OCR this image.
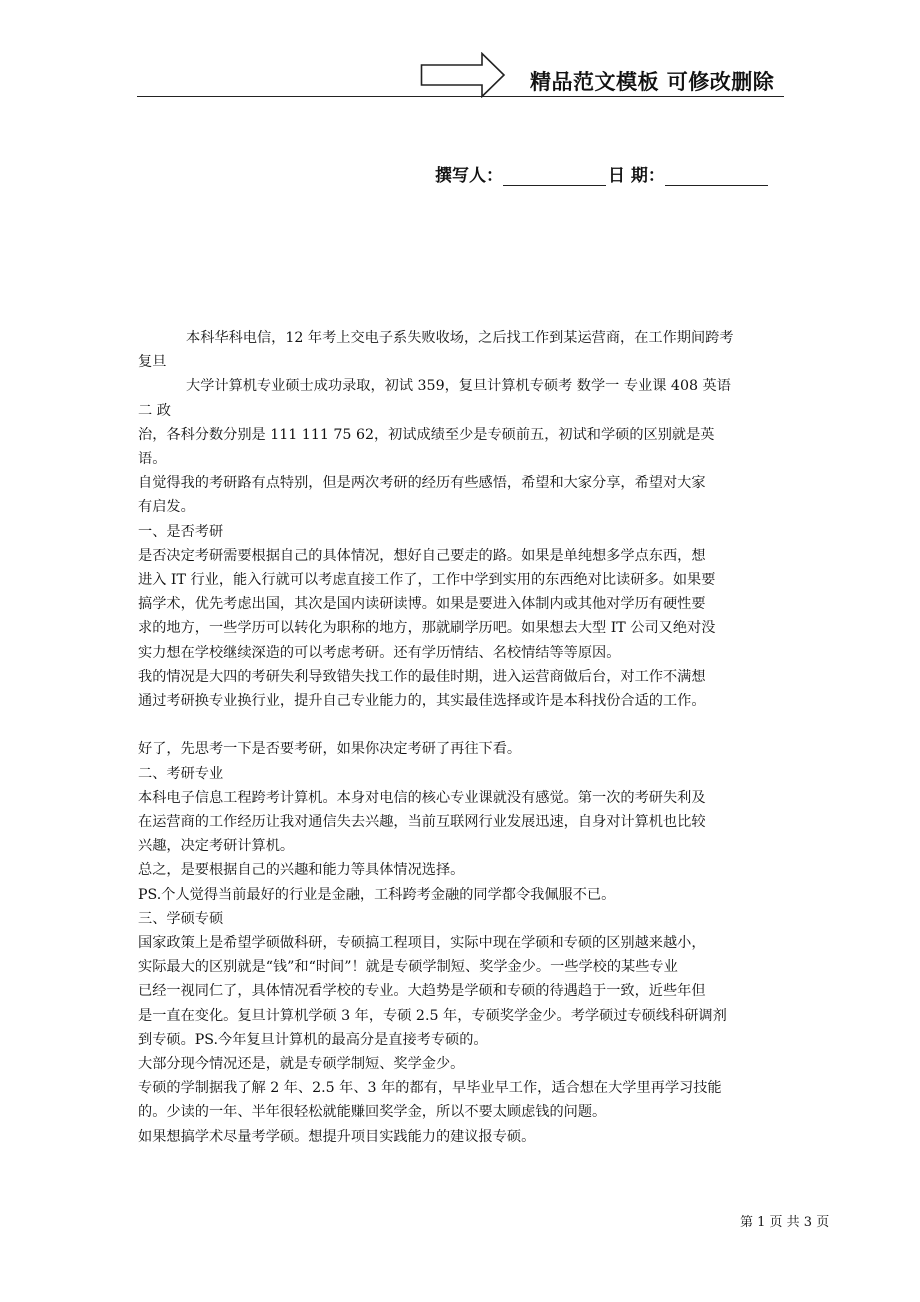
精品范文模板 可修改删除
撰写人：	日 期：

本科华科电信，12 年考上交电子系失败收场，之后找工作到某运营商，在工作期间跨考

复旦

大学计算机专业硕士成功录取，初试 359，复旦计算机专硕考 数学一 专业课 408 英语

二 政

治，各科分数分别是 111 111 75 62，初试成绩至少是专硕前五，初试和学硕的区别就是英

语。

自觉得我的考研路有点特别，但是两次考研的经历有些感悟，希望和大家分享，希望对大家

有启发。

一、是否考研

是否决定考研需要根据自己的具体情况，想好自己要走的路。如果是单纯想多学点东西，想

进入 IT 行业，能入行就可以考虑直接工作了，工作中学到实用的东西绝对比读研多。如果要

搞学术，优先考虑出国，其次是国内读研读博。如果是要进入体制内或其他对学历有硬性要

求的地方，一些学历可以转化为职称的地方，那就刷学历吧。如果想去大型 IT 公司又绝对没

实力想在学校继续深造的可以考虑考研。还有学历情结、名校情结等等原因。

我的情况是大四的考研失利导致错失找工作的最佳时期，进入运营商做后台，对工作不满想

通过考研换专业换行业，提升自己专业能力的，其实最佳选择或许是本科找份合适的工作。

好了，先思考一下是否要考研，如果你决定考研了再往下看。

二、考研专业

本科电子信息工程跨考计算机。本身对电信的核心专业课就没有感觉。第一次的考研失利及

在运营商的工作经历让我对通信失去兴趣，当前互联网行业发展迅速，自身对计算机也比较

兴趣，决定考研计算机。

总之，是要根据自己的兴趣和能力等具体情况选择。

PS.个人觉得当前最好的行业是金融，工科跨考金融的同学都令我佩服不已。

三、学硕专硕

国家政策上是希望学硕做科研，专硕搞工程项目，实际中现在学硕和专硕的区别越来越小，

实际最大的区别就是“钱”和“时间”！就是专硕学制短、奖学金少。一些学校的某些专业

已经一视同仁了，具体情况看学校的专业。大趋势是学硕和专硕的待遇趋于一致，近些年但

是一直在变化。复旦计算机学硕 3 年，专硕 2.5 年，专硕奖学金少。考学硕过专硕线科研调剂

到专硕。PS.今年复旦计算机的最高分是直接考专硕的。

大部分现今情况还是，就是专硕学制短、奖学金少。

专硕的学制据我了解 2 年、2.5 年、3 年的都有，早毕业早工作，适合想在大学里再学习技能

的。少读的一年、半年很轻松就能赚回奖学金，所以不要太顾虑钱的问题。

如果想搞学术尽量考学硕。想提升项目实践能力的建议报专硕。

第 1 页 共 3 页
